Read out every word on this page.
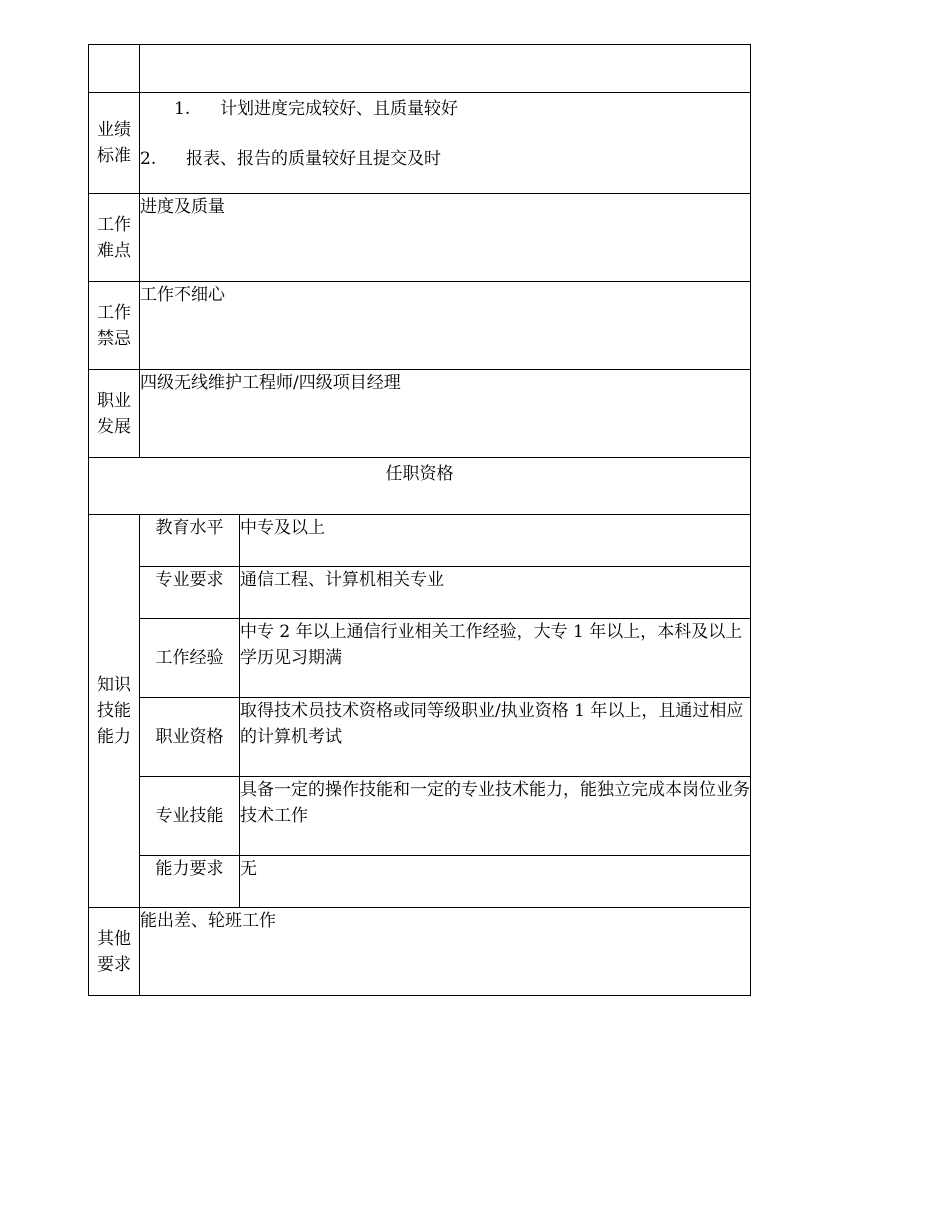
业绩标准	1. 计划进度完成较好、且质量较好
2. 报表、报告的质量较好且提交及时	

工作难点	进度及质量	
工作禁忌	工作不细心	
职业发展	四级无线维护工程师/四级项目经理	
任职资格		
知识技能能力	教育水平	中专及以上
	专业要求	通信工程、计算机相关专业
	工作经验	中专 2 年以上通信行业相关工作经验，大专 1 年以上，本科及以上学历见习期满
	职业资格	取得技术员技术资格或同等级职业/执业资格 1 年以上，且通过相应的计算机考试
	专业技能	具备一定的操作技能和一定的专业技术能力，能独立完成本岗位业务技术工作
	能力要求	无
其他要求	能出差、轮班工作	
